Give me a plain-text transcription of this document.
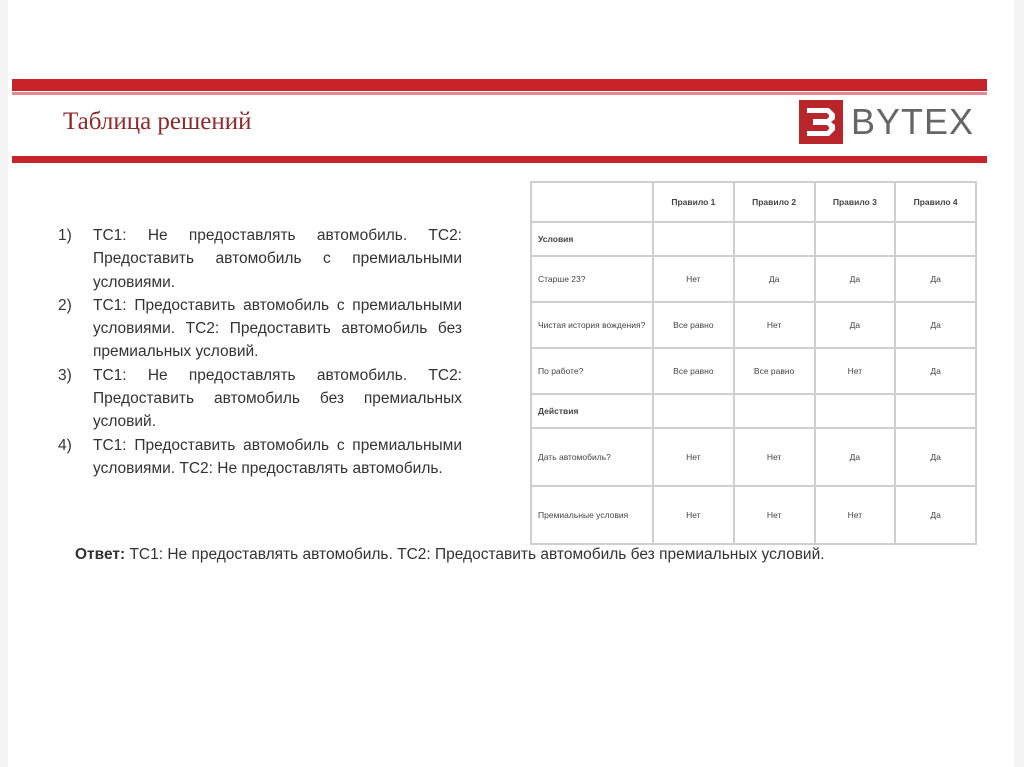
Таблица решений	BYTEX
1)	ТС1: Не предоставлять автомобиль. ТС2: Предоставить автомобиль с премиальными условиями.
2)	ТС1: Предоставить автомобиль с премиальными условиями. ТС2: Предоставить автомобиль без премиальных условий.
3)	ТС1: Не предоставлять автомобиль. ТС2: Предоставить автомобиль без премиальных условий.
4)	ТС1: Предоставить автомобиль с премиальными условиями. ТС2: Не предоставлять автомобиль.
Ответ: ТС1: Не предоставлять автомобиль. ТС2: Предоставить автомобиль без премиальных условий.
	Правило 1	Правило 2	Правило 3	Правило 4
Условия				
Старше 23?	Нет	Да	Да	Да
Чистая история вождения?	Все равно	Нет	Да	Да
По работе?	Все равно	Все равно	Нет	Да
Действия				
Дать автомобиль?	Нет	Нет	Да	Да
Премиальные условия	Нет	Нет	Нет	Да
